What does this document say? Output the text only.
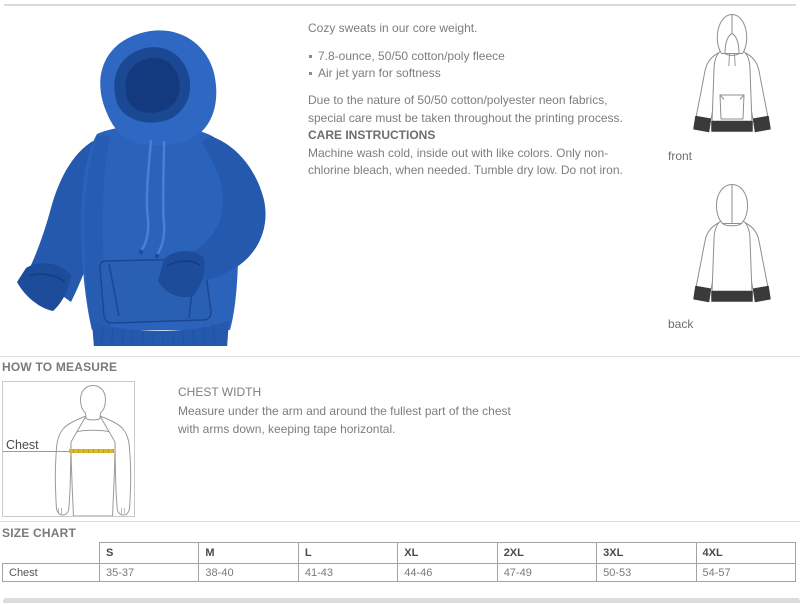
Cozy sweats in our core weight.
7.8-ounce, 50/50 cotton/poly fleece
Air jet yarn for softness
Due to the nature of 50/50 cotton/polyester neon fabrics,
special care must be taken throughout the printing process.
CARE INSTRUCTIONS
Machine wash cold, inside out with like colors. Only non-
chlorine bleach, when needed. Tumble dry low. Do not iron.
front
back
HOW TO MEASURE
Chest
CHEST WIDTH
Measure under the arm and around the fullest part of the chest
with arms down, keeping tape horizontal.
SIZE CHART
	S	M	L	XL	2XL	3XL	4XL
Chest	35-37	38-40	41-43	44-46	47-49	50-53	54-57
